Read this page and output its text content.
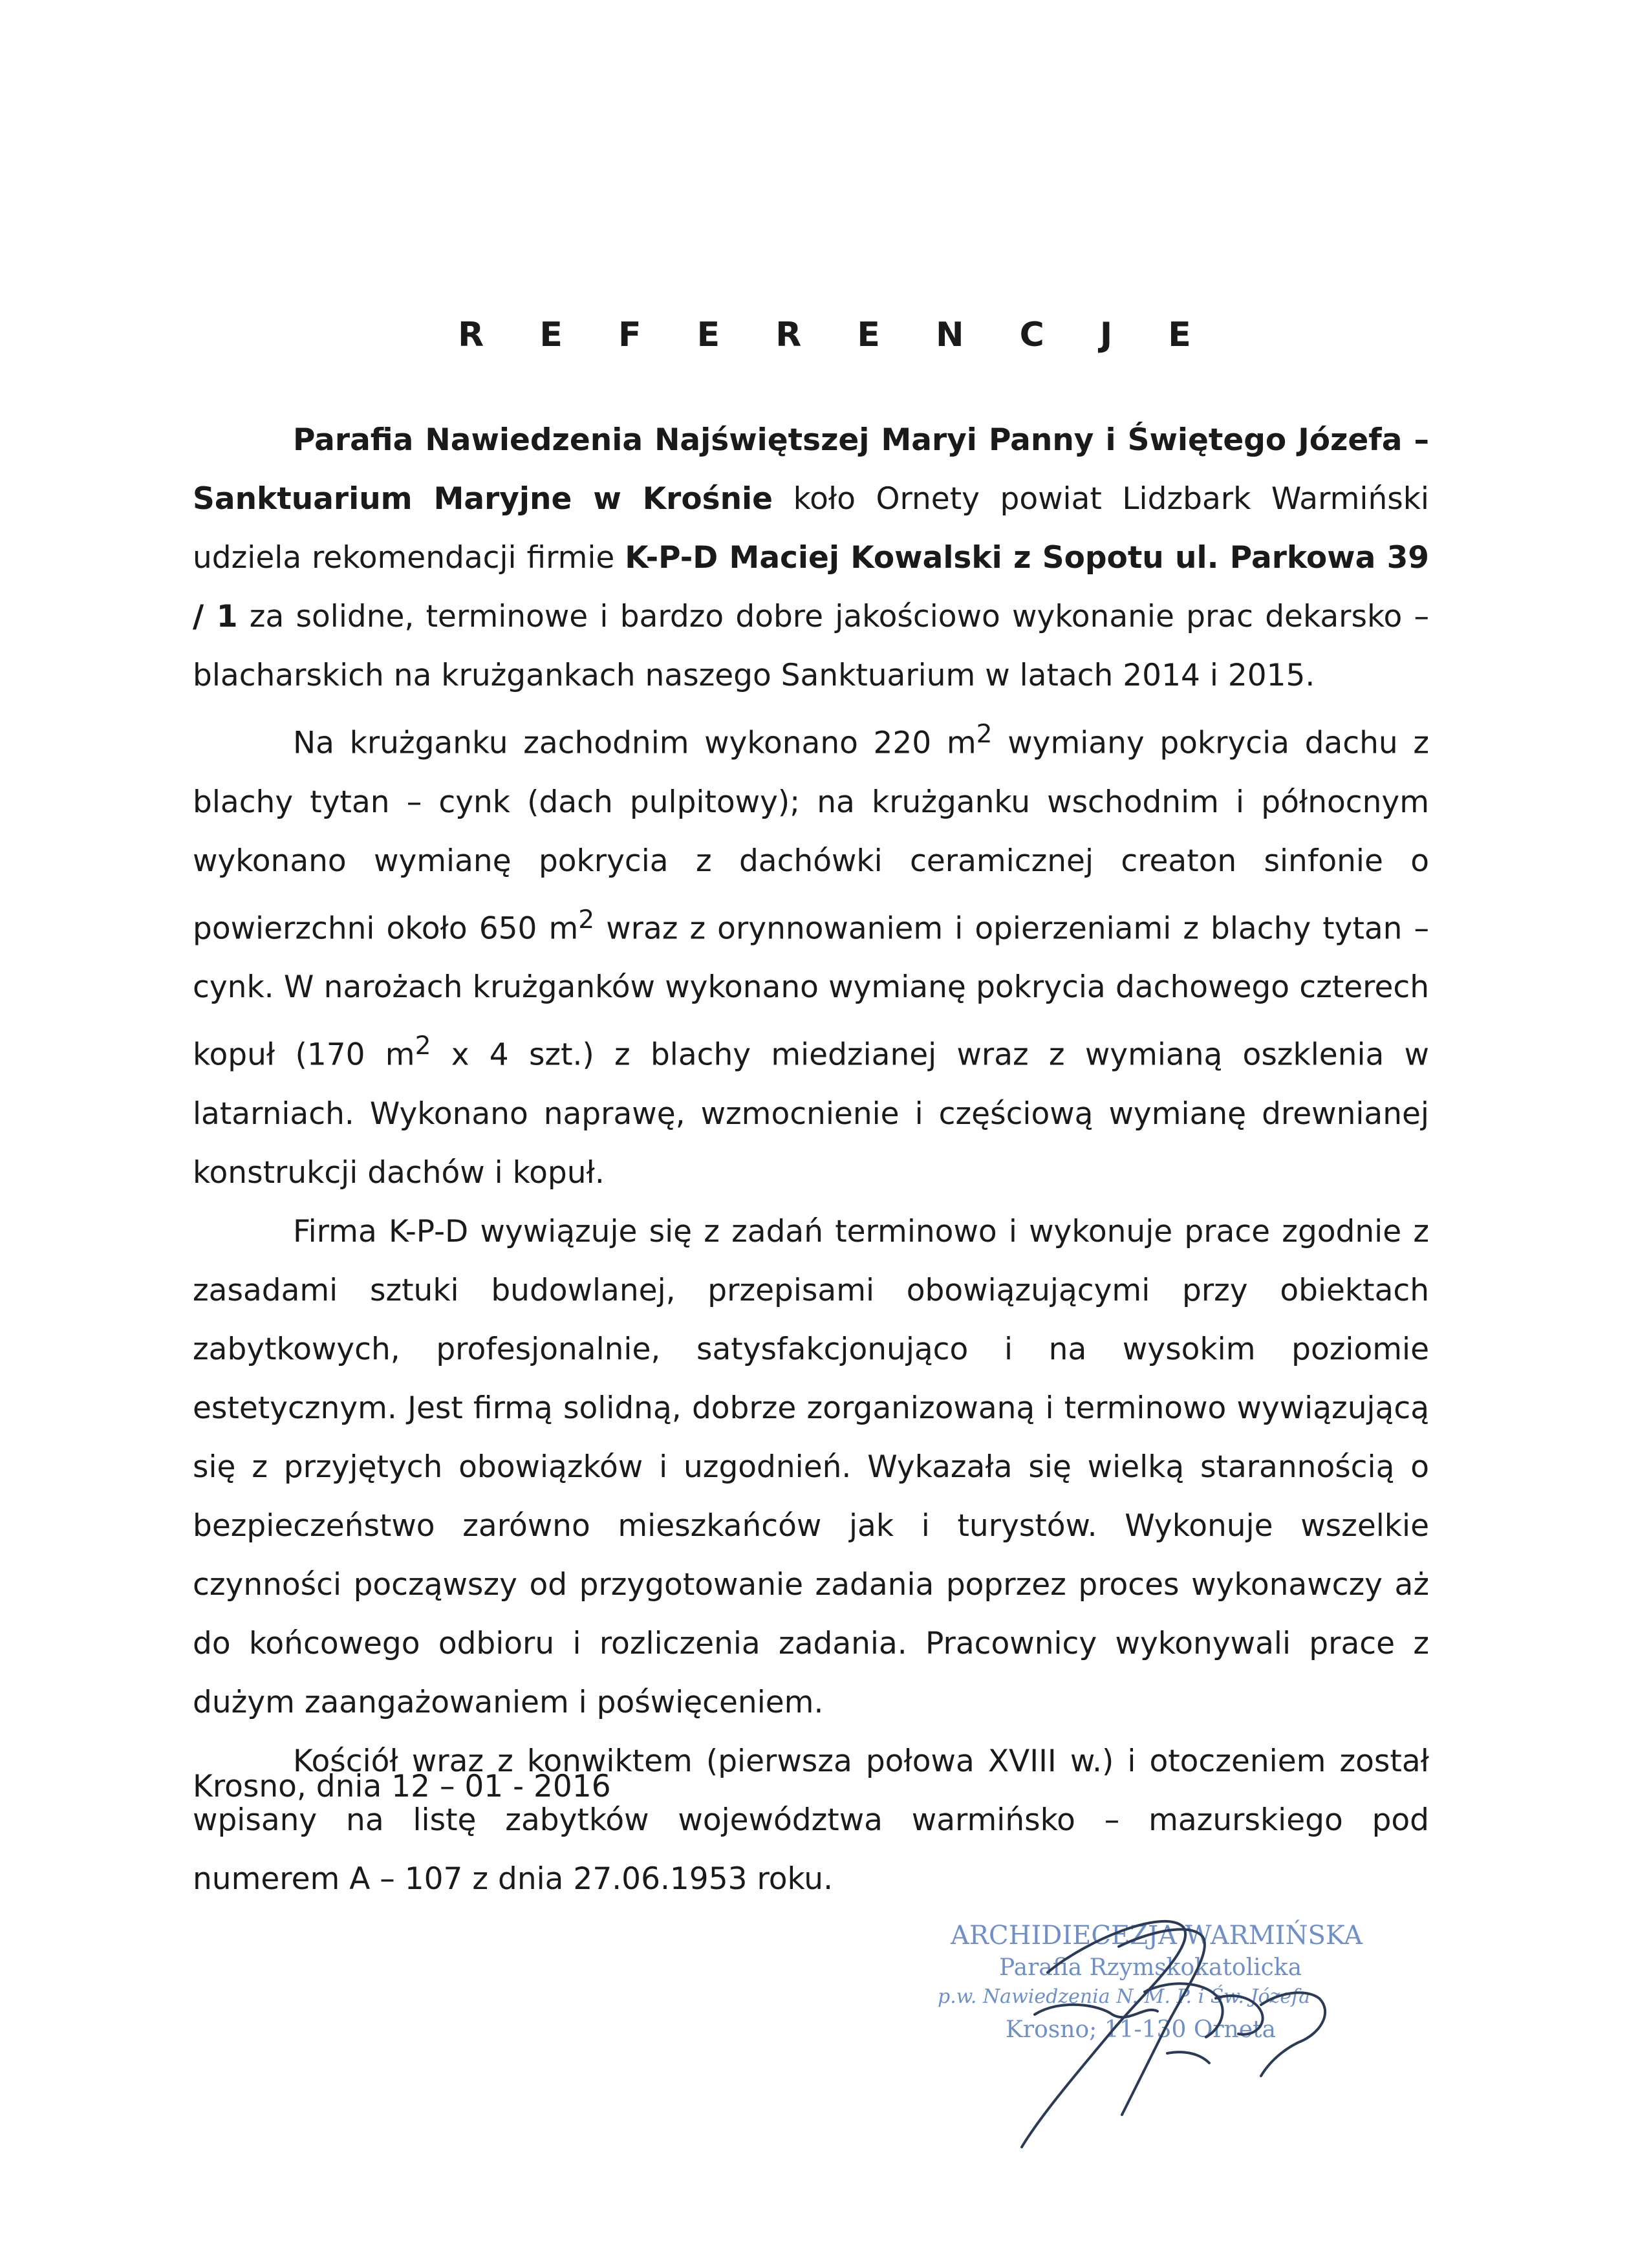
R E F E R E N C J E

Parafia Nawiedzenia Najświętszej Maryi Panny i Świętego Józefa – Sanktuarium Maryjne w Krośnie koło Ornety powiat Lidzbark Warmiński udziela rekomendacji firmie K-P-D Maciej Kowalski z Sopotu ul. Parkowa 39 / 1 za solidne, terminowe i bardzo dobre jakościowo wykonanie prac dekarsko – blacharskich na krużgankach naszego Sanktuarium w latach 2014 i 2015.

Na krużganku zachodnim wykonano 220 $m^2$ wymiany pokrycia dachu z blachy tytan – cynk (dach pulpitowy); na krużganku wschodnim i północnym wykonano wymianę pokrycia z dachówki ceramicznej creaton sinfonie o powierzchni około 650 $m^2$ wraz z orynnowaniem i opierzeniami z blachy tytan – cynk. W narożach krużganków wykonano wymianę pokrycia dachowego czterech kopuł (170 $m^2$ x 4 szt.) z blachy miedzianej wraz z wymianą oszklenia w latarniach. Wykonano naprawę, wzmocnienie i częściową wymianę drewnianej konstrukcji dachów i kopuł.

Firma K-P-D wywiązuje się z zadań terminowo i wykonuje prace zgodnie z zasadami sztuki budowlanej, przepisami obowiązującymi przy obiektach zabytkowych, profesjonalnie, satysfakcjonująco i na wysokim poziomie estetycznym. Jest firmą solidną, dobrze zorganizowaną i terminowo wywiązującą się z przyjętych obowiązków i uzgodnień. Wykazała się wielką starannością o bezpieczeństwo zarówno mieszkańców jak i turystów. Wykonuje wszelkie czynności począwszy od przygotowanie zadania poprzez proces wykonawczy aż do końcowego odbioru i rozliczenia zadania. Pracownicy wykonywali prace z dużym zaangażowaniem i poświęceniem.

Kościół wraz z konwiktem (pierwsza połowa XVIII w.) i otoczeniem został wpisany na listę zabytków województwa warmińsko – mazurskiego pod numerem A – 107 z dnia 27.06.1953 roku.

Krosno, dnia 12 – 01 - 2016
ARCHIDIECEZJA WARMIŃSKA
Parafia Rzymskokatolicka
p.w. Nawiedzenia N. M. P. i Św. Józefa
Krosno; 11-130 Orneta
